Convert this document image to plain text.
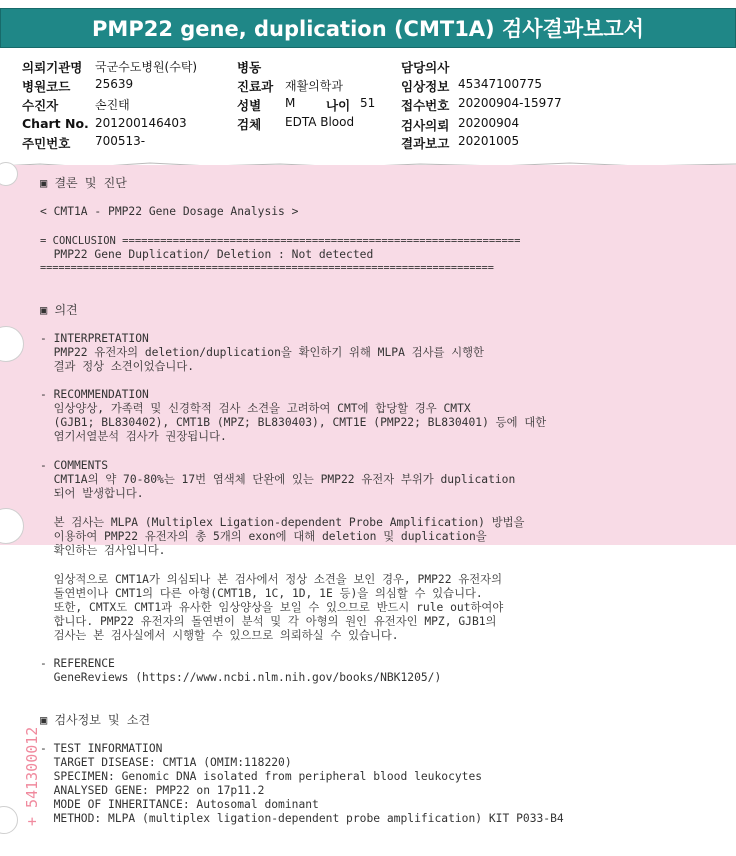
PMP22 gene, duplication (CMT1A) 검사결과보고서
의뢰기관명 국군수도병원(수탁)	병동	담당의사
병원코드 25639	진료과 재활의학과	임상정보 45347100775
수진자	손진태	성별 M 나이 51 접수번호 20200904-15977
Chart No. 201200146403	검체 EDTA Blood	검사의뢰 20200904
주민번호 700513-	결과보고 20201005
▣ 결론 및 진단
< CMT1A - PMP22 Gene Dosage Analysis >
= CONCLUSION ===============================================================
PMP22 Gene Duplication/ Deletion : Not detected
==========================================================================
▣ 의견
- INTERPRETATION
PMP22 유전자의 deletion/duplication을 확인하기 위해 MLPA 검사를 시행한
결과 정상 소견이었습니다.
- RECOMMENDATION
임상양상, 가족력 및 신경학적 검사 소견을 고려하여 CMT에 합당할 경우 CMTX
(GJB1; BL830402), CMT1B (MPZ; BL830403), CMT1E (PMP22; BL830401) 등에 대한
염기서열분석 검사가 권장됩니다.
- COMMENTS
CMT1A의 약 70-80%는 17번 염색체 단완에 있는 PMP22 유전자 부위가 duplication
되어 발생합니다.
본 검사는 MLPA (Multiplex Ligation-dependent Probe Amplification) 방법을
이용하여 PMP22 유전자의 총 5개의 exon에 대해 deletion 및 duplication을
확인하는 검사입니다.
임상적으로 CMT1A가 의심되나 본 검사에서 정상 소견을 보인 경우, PMP22 유전자의
돌연변이나 CMT1의 다른 아형(CMT1B, 1C, 1D, 1E 등)을 의심할 수 있습니다.
또한, CMTX도 CMT1과 유사한 임상양상을 보일 수 있으므로 반드시 rule out하여야
합니다. PMP22 유전자의 돌연변이 분석 및 각 아형의 원인 유전자인 MPZ, GJB1의
검사는 본 검사실에서 시행할 수 있으므로 의뢰하실 수 있습니다.
- REFERENCE
GeneReviews (https://www.ncbi.nlm.nih.gov/books/NBK1205/)
▣ 검사정보 및 소견
- TEST INFORMATION
TARGET DISEASE: CMT1A (OMIM:118220)
SPECIMEN: Genomic DNA isolated from peripheral blood leukocytes
ANALYSED GENE: PMP22 on 17p11.2
MODE OF INHERITANCE: Autosomal dominant
METHOD: MLPA (multiplex ligation-dependent probe amplification) KIT P033-B4
+ 541300012
